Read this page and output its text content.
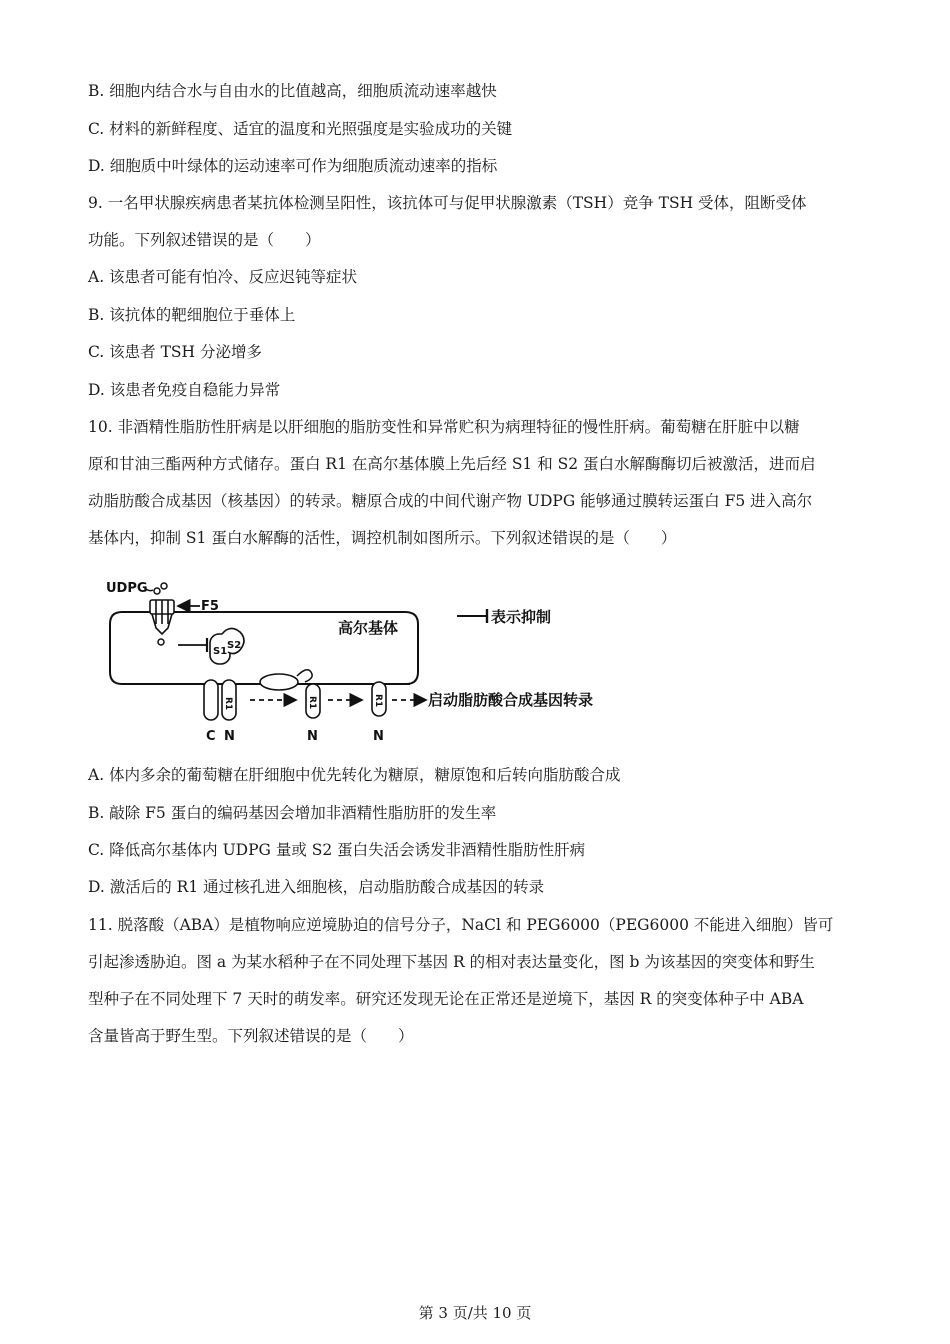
B. 细胞内结合水与自由水的比值越高，细胞质流动速率越快
C. 材料的新鲜程度、适宜的温度和光照强度是实验成功的关键
D. 细胞质中叶绿体的运动速率可作为细胞质流动速率的指标
9. 一名甲状腺疾病患者某抗体检测呈阳性，该抗体可与促甲状腺激素（TSH）竞争 TSH 受体，阻断受体
功能。下列叙述错误的是（　　）
A. 该患者可能有怕冷、反应迟钝等症状
B. 该抗体的靶细胞位于垂体上
C. 该患者 TSH 分泌增多
D. 该患者免疫自稳能力异常
10. 非酒精性脂肪性肝病是以肝细胞的脂肪变性和异常贮积为病理特征的慢性肝病。葡萄糖在肝脏中以糖
原和甘油三酯两种方式储存。蛋白 R1 在高尔基体膜上先后经 S1 和 S2 蛋白水解酶酶切后被激活，进而启
动脂肪酸合成基因（核基因）的转录。糖原合成的中间代谢产物 UDPG 能够通过膜转运蛋白 F5 进入高尔
基体内，抑制 S1 蛋白水解酶的活性，调控机制如图所示。下列叙述错误的是（　　）
UDPG
F5
高尔基体
S1
S2
R1
C N
R1
N
R1
N
启动脂肪酸合成基因转录
表示抑制
A. 体内多余的葡萄糖在肝细胞中优先转化为糖原，糖原饱和后转向脂肪酸合成
B. 敲除 F5 蛋白的编码基因会增加非酒精性脂肪肝的发生率
C. 降低高尔基体内 UDPG 量或 S2 蛋白失活会诱发非酒精性脂肪性肝病
D. 激活后的 R1 通过核孔进入细胞核，启动脂肪酸合成基因的转录
11. 脱落酸（ABA）是植物响应逆境胁迫的信号分子，NaCl 和 PEG6000（PEG6000 不能进入细胞）皆可
引起渗透胁迫。图 a 为某水稻种子在不同处理下基因 R 的相对表达量变化，图 b 为该基因的突变体和野生
型种子在不同处理下 7 天时的萌发率。研究还发现无论在正常还是逆境下，基因 R 的突变体种子中 ABA
含量皆高于野生型。下列叙述错误的是（　　）
第 3 页/共 10 页
